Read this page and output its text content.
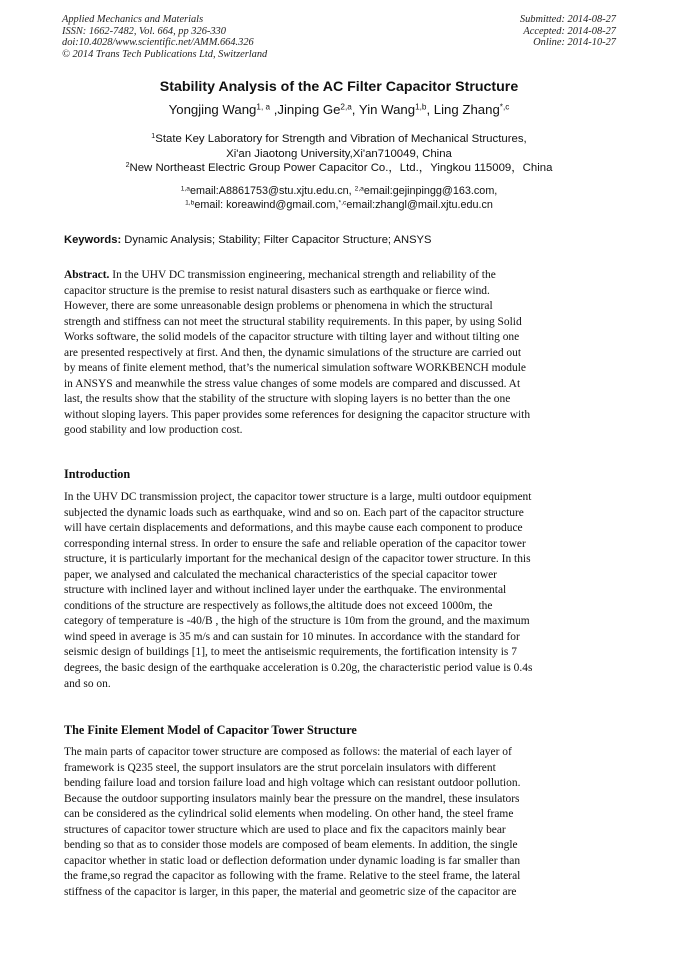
Applied Mechanics and Materials
ISSN: 1662-7482, Vol. 664, pp 326-330
doi:10.4028/www.scientific.net/AMM.664.326
© 2014 Trans Tech Publications Ltd, Switzerland
Submitted: 2014-08-27
Accepted: 2014-08-27
Online: 2014-10-27
Stability Analysis of the AC Filter Capacitor Structure
Yongjing Wang$^{1, a}$ ,Jinping Ge$^{2,a}$, Yin Wang$^{1,b}$, Ling Zhang$^{*,c}$
$^1$State Key Laboratory for Strength and Vibration of Mechanical Structures,
Xi'an Jiaotong University,Xi'an710049, China
$^2$New Northeast Electric Group Power Capacitor Co.，Ltd.，Yingkou 115009，China
$^{1,a}$email:A8861753@stu.xjtu.edu.cn, $^{2,a}$email:gejinpingg@163.com,
$^{1,b}$email: koreawind@gmail.com,$^{*,c}$email:zhangl@mail.xjtu.edu.cn
Keywords: Dynamic Analysis; Stability; Filter Capacitor Structure; ANSYS
Abstract. In the UHV DC transmission engineering, mechanical strength and reliability of the
capacitor structure is the premise to resist natural disasters such as earthquake or fierce wind.
However, there are some unreasonable design problems or phenomena in which the structural
strength and stiffness can not meet the structural stability requirements. In this paper, by using Solid
Works software, the solid models of the capacitor structure with tilting layer and without tilting one
are presented respectively at first. And then, the dynamic simulations of the structure are carried out
by means of finite element method, that’s the numerical simulation software WORKBENCH module
in ANSYS and meanwhile the stress value changes of some models are compared and discussed. At
last, the results show that the stability of the structure with sloping layers is no better than the one
without sloping layers. This paper provides some references for designing the capacitor structure with
good stability and low production cost.
Introduction
In the UHV DC transmission project, the capacitor tower structure is a large, multi outdoor equipment
subjected the dynamic loads such as earthquake, wind and so on. Each part of the capacitor structure
will have certain displacements and deformations, and this maybe cause each component to produce
corresponding internal stress. In order to ensure the safe and reliable operation of the capacitor tower
structure, it is particularly important for the mechanical design of the capacitor tower structure. In this
paper, we analysed and calculated the mechanical characteristics of the special capacitor tower
structure with inclined layer and without inclined layer under the earthquake. The environmental
conditions of the structure are respectively as follows,the altitude does not exceed 1000m, the
category of temperature is -40/B , the high of the structure is 10m from the ground, and the maximum
wind speed in average is 35 m/s and can sustain for 10 minutes. In accordance with the standard for
seismic design of buildings [1], to meet the antiseismic requirements, the fortification intensity is 7
degrees, the basic design of the earthquake acceleration is 0.20g, the characteristic period value is 0.4s
and so on.
The Finite Element Model of Capacitor Tower Structure
The main parts of capacitor tower structure are composed as follows: the material of each layer of
framework is Q235 steel, the support insulators are the strut porcelain insulators with different
bending failure load and torsion failure load and high voltage which can resistant outdoor pollution.
Because the outdoor supporting insulators mainly bear the pressure on the mandrel, these insulators
can be considered as the cylindrical solid elements when modeling. On other hand, the steel frame
structures of capacitor tower structure which are used to place and fix the capacitors mainly bear
bending so that as to consider those models are composed of beam elements. In addition, the single
capacitor whether in static load or deflection deformation under dynamic loading is far smaller than
the frame,so regrad the capacitor as following with the frame. Relative to the steel frame, the lateral
stiffness of the capacitor is larger, in this paper, the material and geometric size of the capacitor are
